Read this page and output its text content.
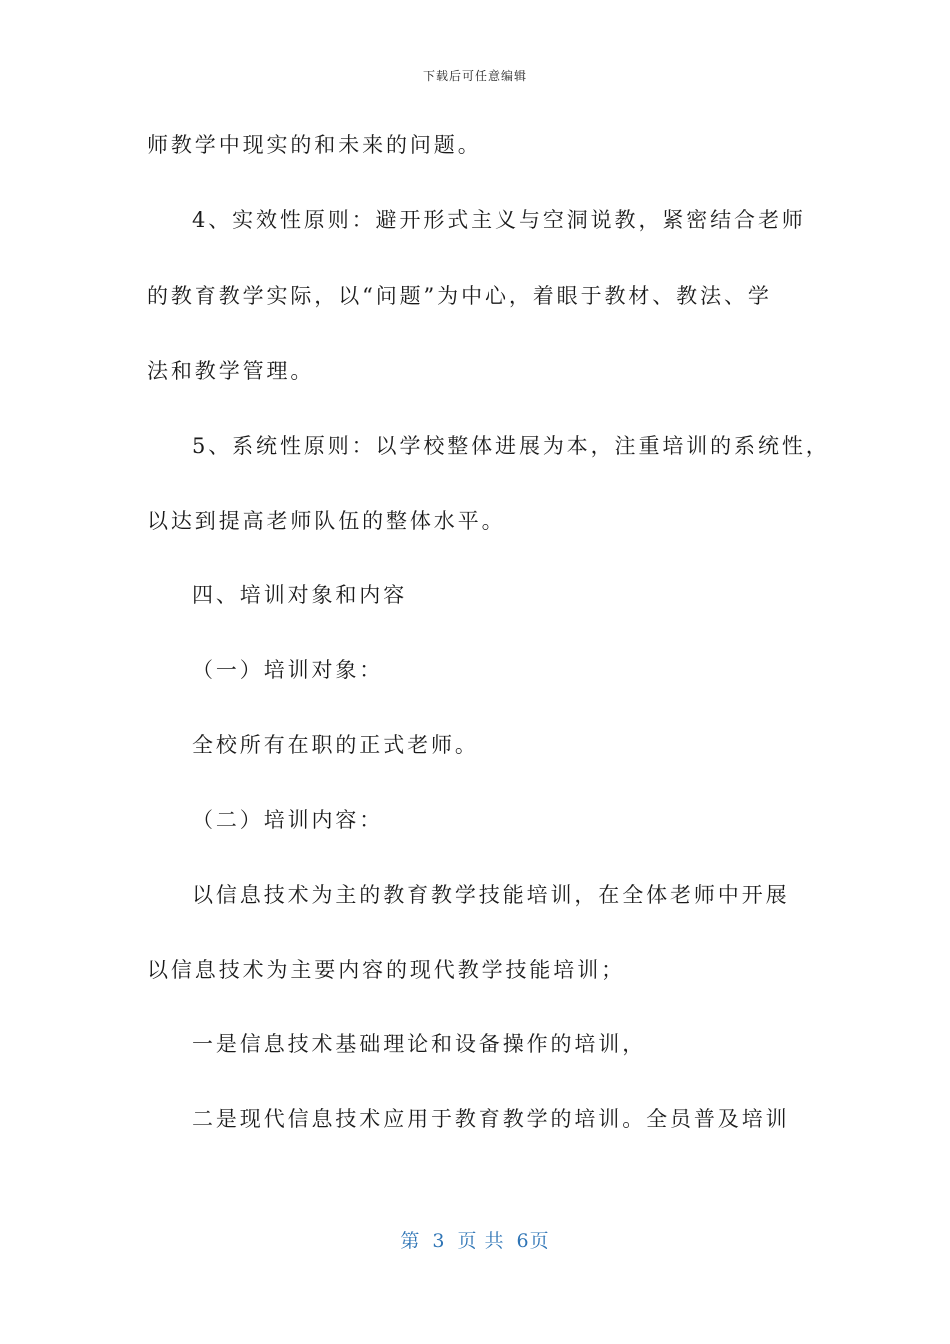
下载后可任意编辑
师教学中现实的和未来的问题。
4、实效性原则：避开形式主义与空洞说教，紧密结合老师
的教育教学实际，以“问题”为中心，着眼于教材、教法、学
法和教学管理。
5、系统性原则：以学校整体进展为本，注重培训的系统性，
以达到提高老师队伍的整体水平。
四、培训对象和内容
（一）培训对象：
全校所有在职的正式老师。
（二）培训内容：
以信息技术为主的教育教学技能培训，在全体老师中开展
以信息技术为主要内容的现代教学技能培训；
一是信息技术基础理论和设备操作的培训，
二是现代信息技术应用于教育教学的培训。全员普及培训
第 3 页 共 6页
